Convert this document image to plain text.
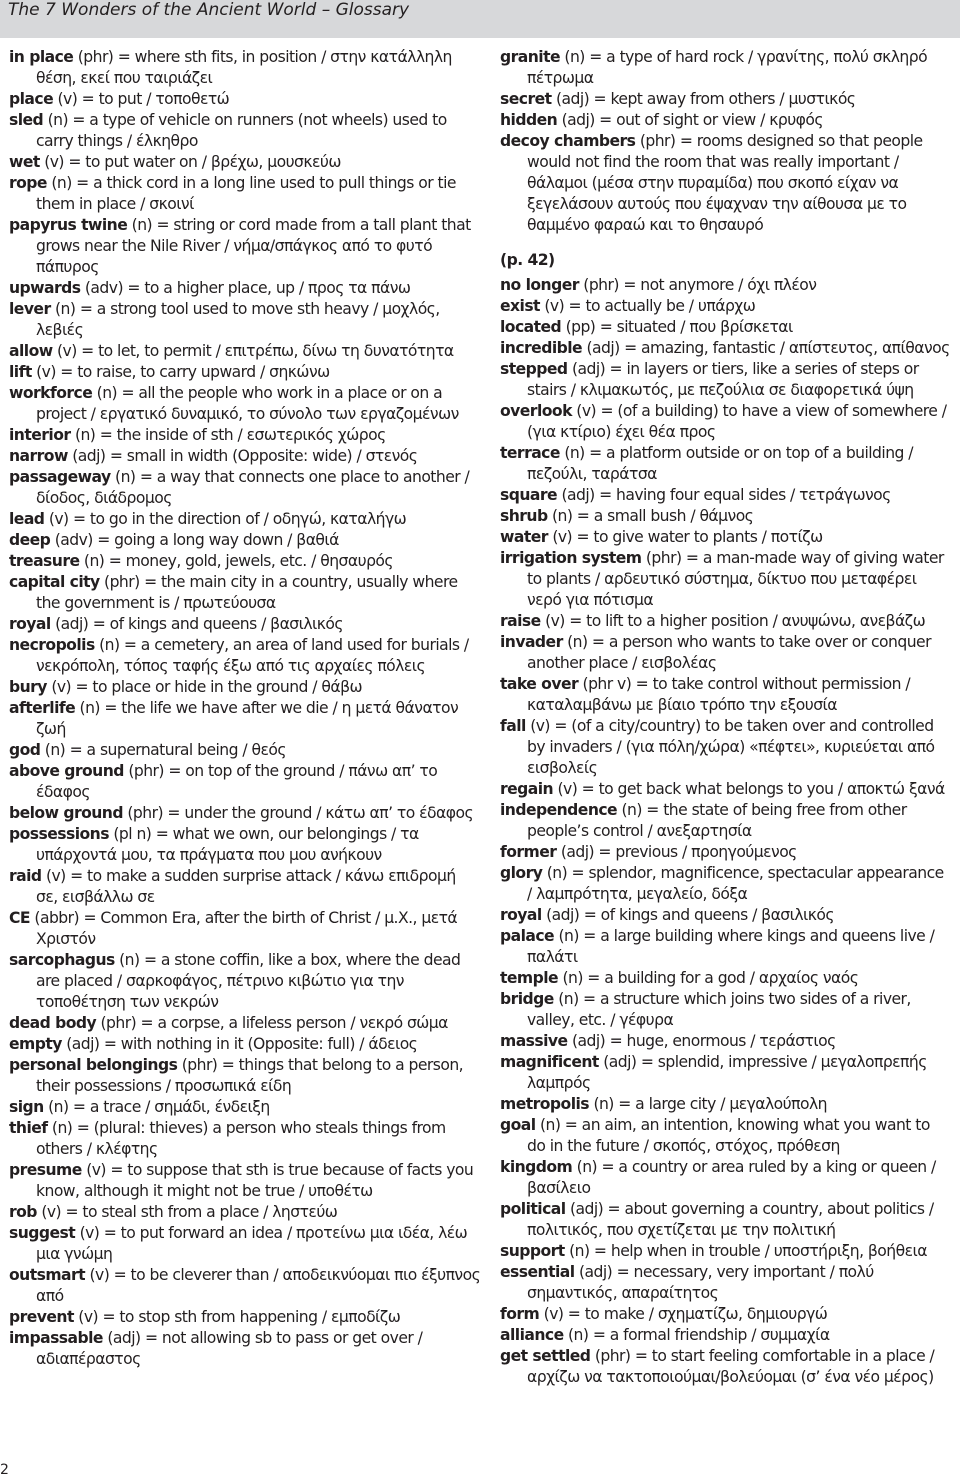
The 7 Wonders of the Ancient World – Glossary

in place (phr) = where sth fits, in position / στην κατάλληλη θέση, εκεί που ταιριάζει

place (v) = to put / τοποθετώ

sled (n) = a type of vehicle on runners (not wheels) used to carry things / έλκηθρο

wet (v) = to put water on / βρέχω, μουσκεύω

rope (n) = a thick cord in a long line used to pull things or tie them in place / σκοινί

papyrus twine (n) = string or cord made from a tall plant that grows near the Nile River / νήμα/σπάγκος από το φυτό πάπυρος

upwards (adv) = to a higher place, up / προς τα πάνω

lever (n) = a strong tool used to move sth heavy / μοχλός, λεβιές

allow (v) = to let, to permit / επιτρέπω, δίνω τη δυνατότητα

lift (v) = to raise, to carry upward / σηκώνω

workforce (n) = all the people who work in a place or on a project / εργατικό δυναμικό, το σύνολο των εργαζομένων

interior (n) = the inside of sth / εσωτερικός χώρος

narrow (adj) = small in width (Opposite: wide) / στενός

passageway (n) = a way that connects one place to another / δίοδος, διάδρομος

lead (v) = to go in the direction of / οδηγώ, καταλήγω

deep (adv) = going a long way down / βαθιά

treasure (n) = money, gold, jewels, etc. / θησαυρός

capital city (phr) = the main city in a country, usually where the government is / πρωτεύουσα

royal (adj) = of kings and queens / βασιλικός

necropolis (n) = a cemetery, an area of land used for burials / νεκρόπολη, τόπος ταφής έξω από τις αρχαίες πόλεις

bury (v) = to place or hide in the ground / θάβω

afterlife (n) = the life we have after we die / η μετά θάνατον ζωή

god (n) = a supernatural being / θεός

above ground (phr) = on top of the ground / πάνω απ’ το έδαφος

below ground (phr) = under the ground / κάτω απ’ το έδαφος

possessions (pl n) = what we own, our belongings / τα υπάρχοντά μου, τα πράγματα που μου ανήκουν

raid (v) = to make a sudden surprise attack / κάνω επιδρομή σε, εισβάλλω σε

CE (abbr) = Common Era, after the birth of Christ / μ.Χ., μετά Χριστόν

sarcophagus (n) = a stone coffin, like a box, where the dead are placed / σαρκοφάγος, πέτρινο κιβώτιο για την τοποθέτηση των νεκρών

dead body (phr) = a corpse, a lifeless person / νεκρό σώμα

empty (adj) = with nothing in it (Opposite: full) / άδειος

personal belongings (phr) = things that belong to a person, their possessions / προσωπικά είδη

sign (n) = a trace / σημάδι, ένδειξη

thief (n) = (plural: thieves) a person who steals things from others / κλέφτης

presume (v) = to suppose that sth is true because of facts you know, although it might not be true / υποθέτω

rob (v) = to steal sth from a place / ληστεύω

suggest (v) = to put forward an idea / προτείνω μια ιδέα, λέω μια γνώμη

outsmart (v) = to be cleverer than / αποδεικνύομαι πιο έξυπνος από

prevent (v) = to stop sth from happening / εμποδίζω

impassable (adj) = not allowing sb to pass or get over / αδιαπέραστος

granite (n) = a type of hard rock / γρανίτης, πολύ σκληρό πέτρωμα

secret (adj) = kept away from others / μυστικός

hidden (adj) = out of sight or view / κρυφός

decoy chambers (phr) = rooms designed so that people would not find the room that was really important / θάλαμοι (μέσα στην πυραμίδα) που σκοπό είχαν να ξεγελάσουν αυτούς που έψαχναν την αίθουσα με το θαμμένο φαραώ και το θησαυρό

(p. 42)

no longer (phr) = not anymore / όχι πλέον

exist (v) = to actually be / υπάρχω

located (pp) = situated / που βρίσκεται

incredible (adj) = amazing, fantastic / απίστευτος, απίθανος

stepped (adj) = in layers or tiers, like a series of steps or stairs / κλιμακωτός, με πεζούλια σε διαφορετικά ύψη

overlook (v) = (of a building) to have a view of somewhere / (για κτίριο) έχει θέα προς

terrace (n) = a platform outside or on top of a building / πεζούλι, ταράτσα

square (adj) = having four equal sides / τετράγωνος

shrub (n) = a small bush / θάμνος

water (v) = to give water to plants / ποτίζω

irrigation system (phr) = a man-made way of giving water to plants / αρδευτικό σύστημα, δίκτυο που μεταφέρει νερό για πότισμα

raise (v) = to lift to a higher position / ανυψώνω, ανεβάζω

invader (n) = a person who wants to take over or conquer another place / εισβολέας

take over (phr v) = to take control without permission / καταλαμβάνω με βίαιο τρόπο την εξουσία

fall (v) = (of a city/country) to be taken over and controlled by invaders / (για πόλη/χώρα) «πέφτει», κυριεύεται από εισβολείς

regain (v) = to get back what belongs to you / αποκτώ ξανά

independence (n) = the state of being free from other people’s control / ανεξαρτησία

former (adj) = previous / προηγούμενος

glory (n) = splendor, magnificence, spectacular appearance / λαμπρότητα, μεγαλείο, δόξα

royal (adj) = of kings and queens / βασιλικός

palace (n) = a large building where kings and queens live / παλάτι

temple (n) = a building for a god / αρχαίος ναός

bridge (n) = a structure which joins two sides of a river, valley, etc. / γέφυρα

massive (adj) = huge, enormous / τεράστιος

magnificent (adj) = splendid, impressive / μεγαλοπρεπής λαμπρός

metropolis (n) = a large city / μεγαλούπολη

goal (n) = an aim, an intention, knowing what you want to do in the future / σκοπός, στόχος, πρόθεση

kingdom (n) = a country or area ruled by a king or queen / βασίλειο

political (adj) = about governing a country, about politics / πολιτικός, που σχετίζεται με την πολιτική

support (n) = help when in trouble / υποστήριξη, βοήθεια

essential (adj) = necessary, very important / πολύ σημαντικός, απαραίτητος

form (v) = to make / σχηματίζω, δημιουργώ

alliance (n) = a formal friendship / συμμαχία

get settled (phr) = to start feeling comfortable in a place / αρχίζω να τακτοποιούμαι/βολεύομαι (σ’ ένα νέο μέρος)

2
